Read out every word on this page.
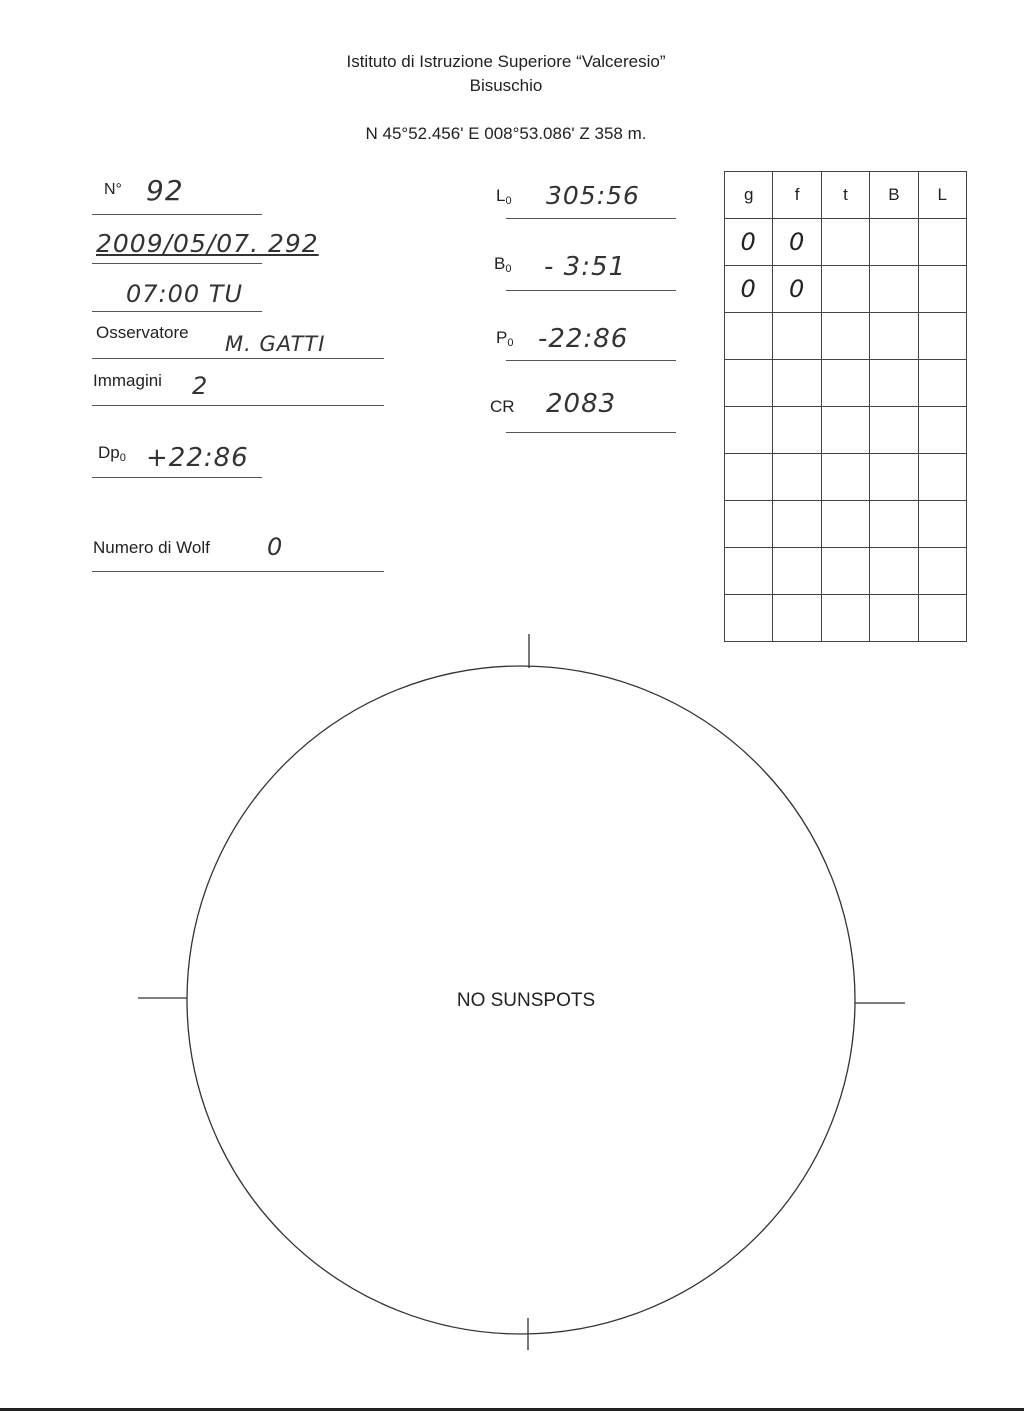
Istituto di Istruzione Superiore “Valceresio”
Bisuschio
N 45°52.456' E 008°53.086' Z 358 m.
N° 92
2009/05/07. 292
07:00 TU
Osservatore M. GATTI
Immagini 2
$Dp_0$ +22:86
Numero di Wolf 0
$L_0$ 305:56
$B_0$ - 3:51
$P_0$ -22:86
CR 2083
g	f	t	B	L
0	0			
0	0			

NO SUNSPOTS
